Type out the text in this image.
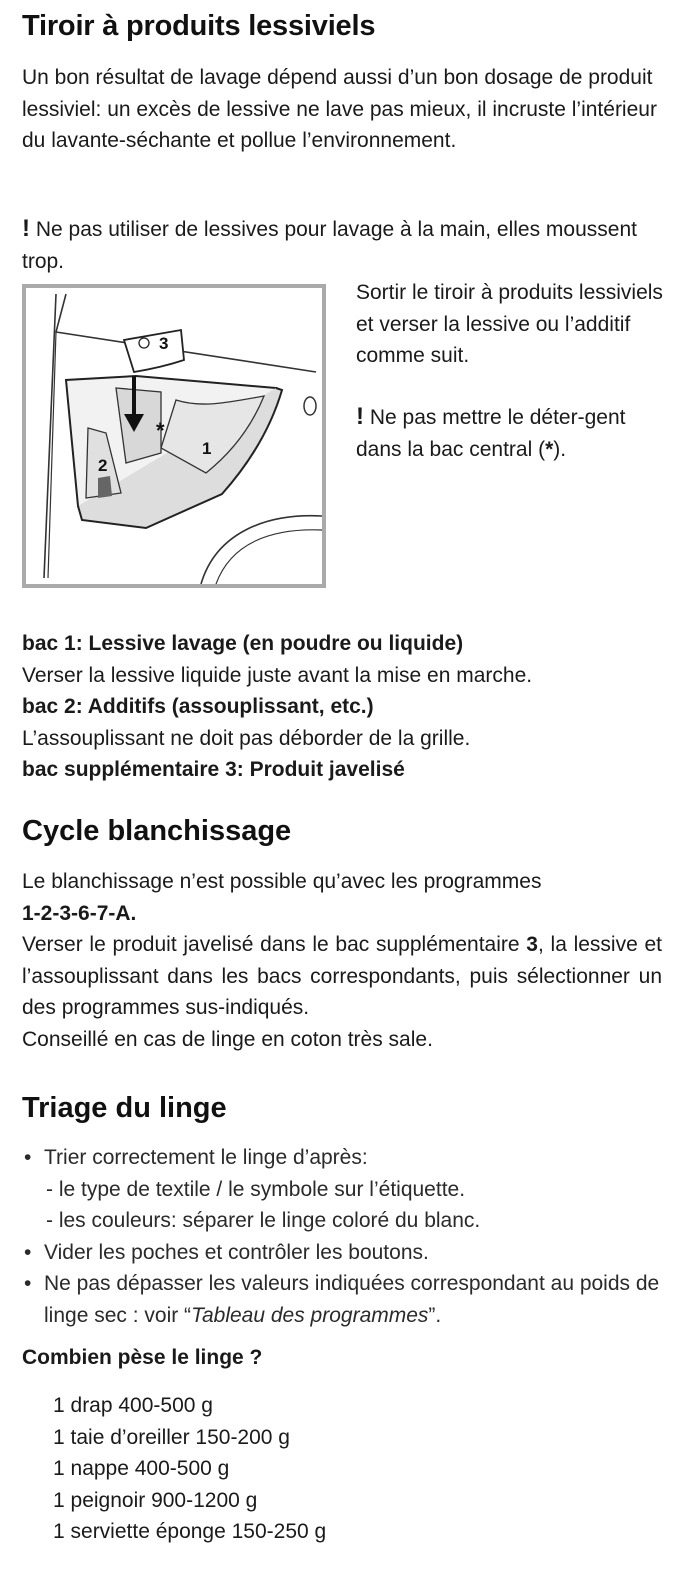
Tiroir à produits lessiviels

Un bon résultat de lavage dépend aussi d’un bon dosage de produit lessiviel: un excès de lessive ne lave pas mieux, il incruste l’intérieur du lavante-séchante et pollue l’environnement.

! Ne pas utiliser de lessives pour lavage à la main, elles moussent trop.

3
*
1
2

Sortir le tiroir à produits lessiviels et verser la lessive ou l’additif comme suit.

! Ne pas mettre le déter-gent dans la bac central (*).

bac 1: Lessive lavage (en poudre ou liquide)

Verser la lessive liquide juste avant la mise en marche.

bac 2: Additifs (assouplissant, etc.)

L’assouplissant ne doit pas déborder de la grille.

bac supplémentaire 3: Produit javelisé

Cycle blanchissage

Le blanchissage n’est possible qu’avec les programmes

1-2-3-6-7-A.

Verser le produit javelisé dans le bac supplémentaire 3, la lessive et l’assouplissant dans les bacs correspondants, puis sélectionner un des programmes sus-indiqués.

Conseillé en cas de linge en coton très sale.

Triage du linge
• Trier correctement le linge d’après:
- le type de textile / le symbole sur l’étiquette.
- les couleurs: séparer le linge coloré du blanc.
• Vider les poches et contrôler les boutons.
• Ne pas dépasser les valeurs indiquées correspondant au poids de linge sec : voir “Tableau des programmes”.

Combien pèse le linge ?

1 drap 400-500 g
1 taie d’oreiller 150-200 g
1 nappe 400-500 g
1 peignoir 900-1200 g
1 serviette éponge 150-250 g
